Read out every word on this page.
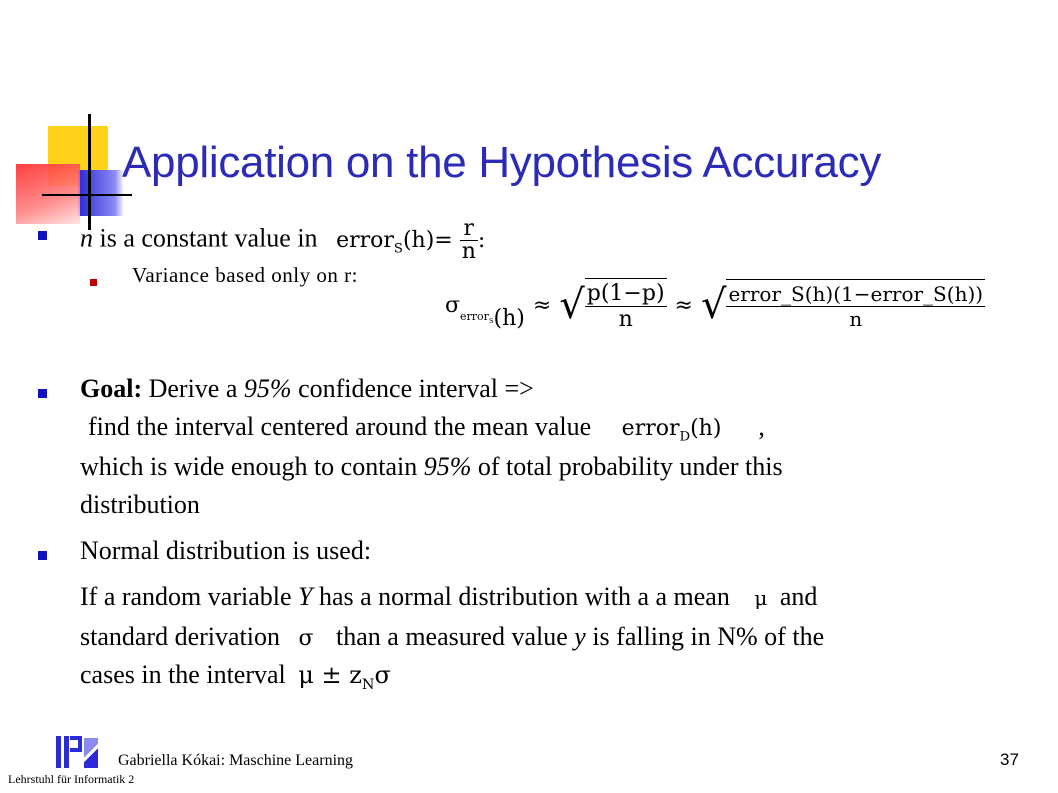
Application on the Hypothesis Accuracy
n is a constant value in error$_S$(h)= $\frac{r}{n}$ :
Variance based only on r:
σ error$_S$ (h)
≈ √ $\frac{p(1-p)}{n}$ ≈ √ $\frac{\text{error\_S(h)(1−error\_S(h))}}{n}$
Goal: Derive a 95% confidence interval =>
find the interval centered around the mean value error$_D$(h) ,
which is wide enough to contain 95% of total probability under this
distribution
Normal distribution is used:
If a random variable Y has a normal distribution with a a mean μ and
standard derivation σ than a measured value y is falling in N% of the
cases in the interval $\mu \pm z_N\sigma$
Lehrstuhl für Informatik 2
Gabriella Kókai: Maschine Learning	37
